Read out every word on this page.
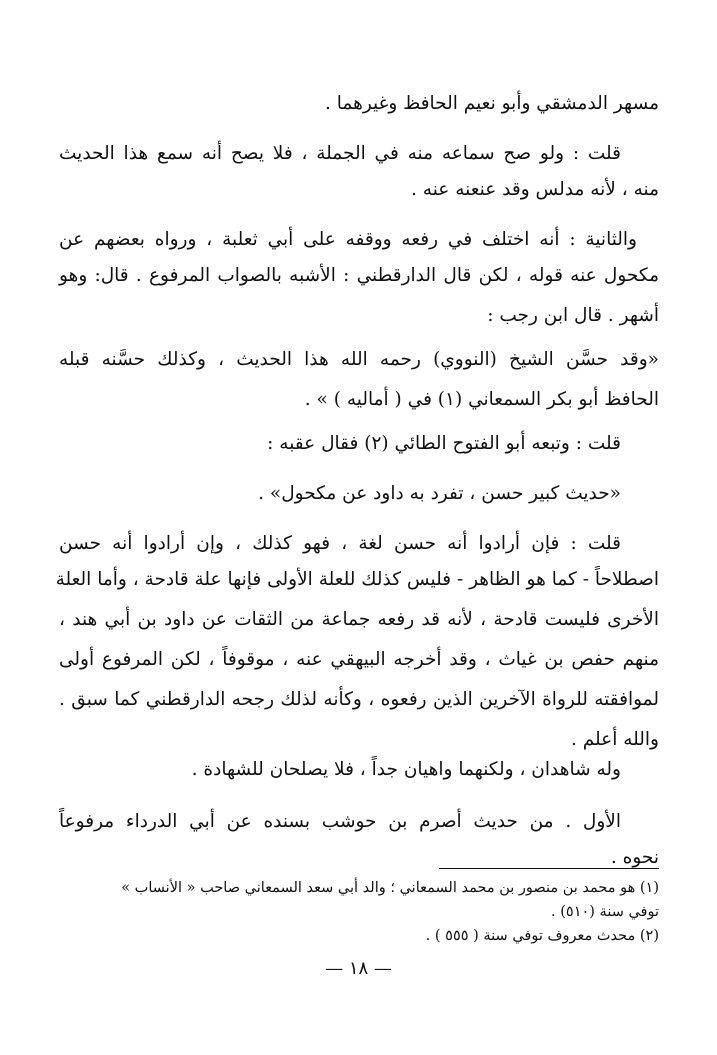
مسهر الدمشقي وأبو نعيم الحافظ وغيرهما .
قلت : ولو صح سماعه منه في الجملة ، فلا يصح أنه سمع هذا الحديث
منه ، لأنه مدلس وقد عنعنه عنه .
والثانية : أنه اختلف في رفعه ووقفه على أبي ثعلبة ، ورواه بعضهم عن
مكحول عنه قوله ، لكن قال الدارقطني : الأشبه بالصواب المرفوع . قال: وهو
أشهر . قال ابن رجب :
«وقد حسَّن الشيخ (النووي) رحمه الله هذا الحديث ، وكذلك حسَّنه قبله
الحافظ أبو بكر السمعاني (١) في ( أماليه ) » .
قلت : وتبعه أبو الفتوح الطائي (٢) فقال عقبه :
«حديث كبير حسن ، تفرد به داود عن مكحول» .
قلت : فإن أرادوا أنه حسن لغة ، فهو كذلك ، وإن أرادوا أنه حسن
اصطلاحاً - كما هو الظاهر - فليس كذلك للعلة الأولى فإنها علة قادحة ، وأما العلة
الأخرى فليست قادحة ، لأنه قد رفعه جماعة من الثقات عن داود بن أبي هند ،
منهم حفص بن غياث ، وقد أخرجه البيهقي عنه ، موقوفاً ، لكن المرفوع أولى
لموافقته للرواة الآخرين الذين رفعوه ، وكأنه لذلك رجحه الدارقطني كما سبق .
والله أعلم .
وله شاهدان ، ولكنهما واهيان جداً ، فلا يصلحان للشهادة .
الأول . من حديث أصرم بن حوشب بسنده عن أبي الدرداء مرفوعاً
نحوه .
(١) هو محمد بن منصور بن محمد السمعاني ؛ والد أبي سعد السمعاني صاحب « الأنساب »
توفي سنة (٥١٠) .
(٢) محدث معروف توفي سنة ( ٥٥٥ ) .
— ١٨ —
